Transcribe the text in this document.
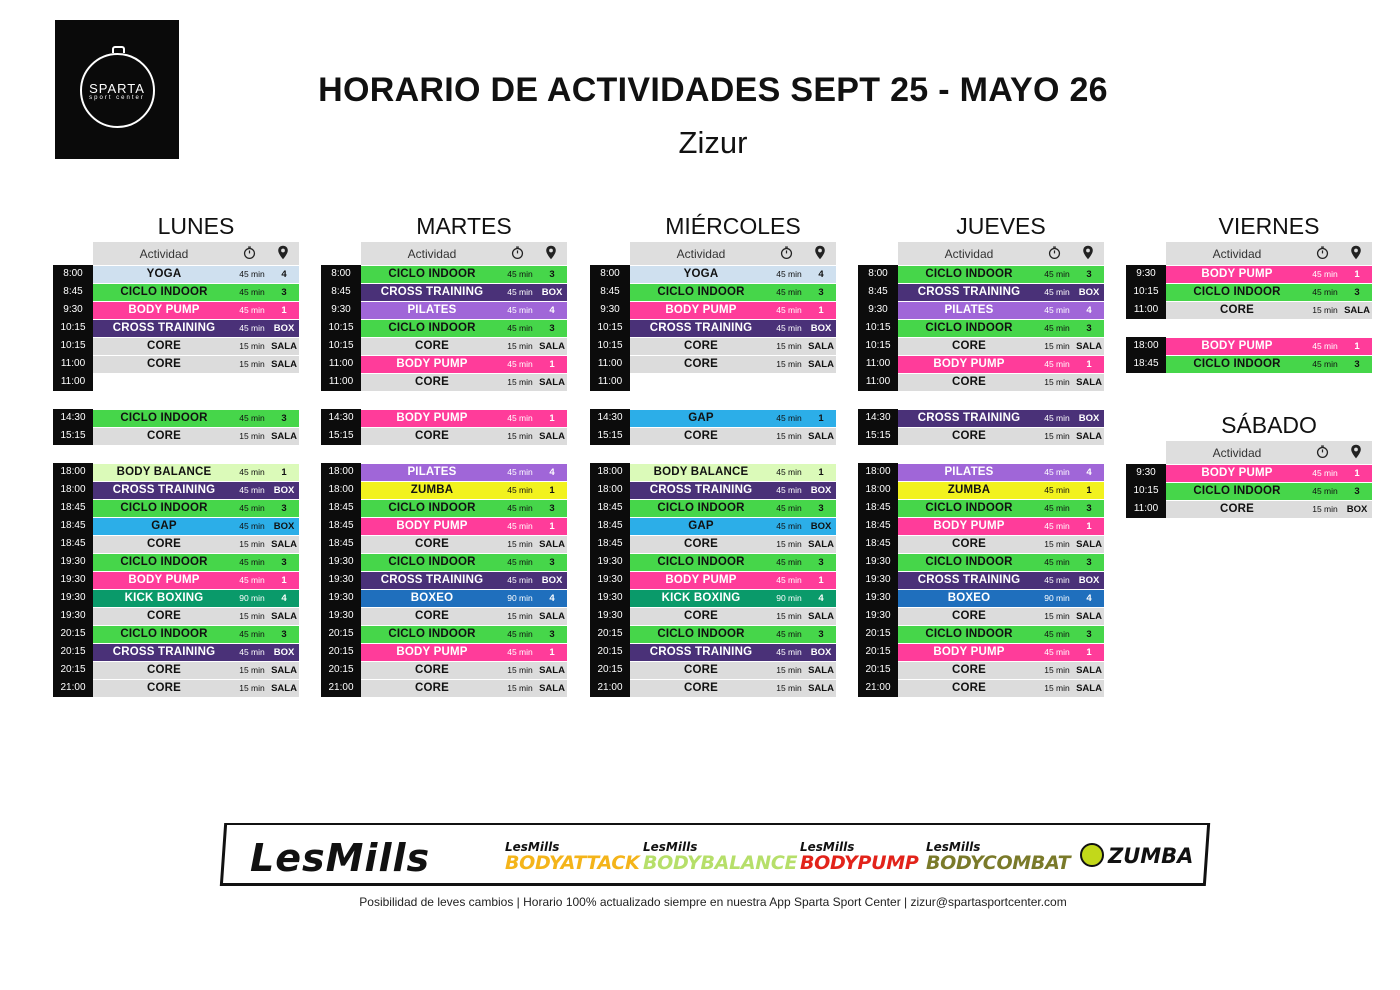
SPARTA
sport center	HORARIO DE ACTIVIDADES SEPT 25 - MAYO 26
Zizur
LUNES
Actividad
8:00	YOGA	45 min	4
8:45	CICLO INDOOR	45 min	3
9:30	BODY PUMP	45 min	1
10:15	CROSS TRAINING	45 min BOX
10:15	CORE	15 min SALA
11:00	CORE	15 min SALA
11:00
14:30	CICLO INDOOR	45 min	3
15:15	CORE	15 min SALA
18:00	BODY BALANCE	45 min	1
18:00	CROSS TRAINING	45 min BOX
18:45	CICLO INDOOR	45 min	3
18:45	GAP	45 min BOX
18:45	CORE	15 min SALA
19:30	CICLO INDOOR	45 min	3
19:30	BODY PUMP	45 min	1
19:30	KICK BOXING	90 min	4
19:30	CORE	15 min SALA
20:15	CICLO INDOOR	45 min	3
20:15	CROSS TRAINING	45 min BOX
20:15	CORE	15 min SALA
21:00	CORE	15 min SALA
MARTES
Actividad
8:00	CICLO INDOOR	45 min	3
8:45	CROSS TRAINING	45 min BOX
9:30	PILATES	45 min	4
10:15	CICLO INDOOR	45 min	3
10:15	CORE	15 min SALA
11:00	BODY PUMP	45 min	1
11:00	CORE	15 min SALA
14:30	BODY PUMP	45 min	1
15:15	CORE	15 min SALA
18:00	PILATES	45 min	4
18:00	ZUMBA	45 min	1
18:45	CICLO INDOOR	45 min	3
18:45	BODY PUMP	45 min	1
18:45	CORE	15 min SALA
19:30	CICLO INDOOR	45 min	3
19:30	CROSS TRAINING	45 min BOX
19:30	BOXEO	90 min	4
19:30	CORE	15 min SALA
20:15	CICLO INDOOR	45 min	3
20:15	BODY PUMP	45 min	1
20:15	CORE	15 min SALA
21:00	CORE	15 min SALA
MIÉRCOLES
Actividad
8:00	YOGA	45 min	4
8:45	CICLO INDOOR	45 min	3
9:30	BODY PUMP	45 min	1
10:15	CROSS TRAINING	45 min BOX
10:15	CORE	15 min SALA
11:00	CORE	15 min SALA
11:00
14:30	GAP	45 min	1
15:15	CORE	15 min SALA
18:00	BODY BALANCE	45 min	1
18:00	CROSS TRAINING	45 min BOX
18:45	CICLO INDOOR	45 min	3
18:45	GAP	45 min BOX
18:45	CORE	15 min SALA
19:30	CICLO INDOOR	45 min	3
19:30	BODY PUMP	45 min	1
19:30	KICK BOXING	90 min	4
19:30	CORE	15 min SALA
20:15	CICLO INDOOR	45 min	3
20:15	CROSS TRAINING	45 min BOX
20:15	CORE	15 min SALA
21:00	CORE	15 min SALA
JUEVES
Actividad
8:00	CICLO INDOOR	45 min	3
8:45	CROSS TRAINING	45 min BOX
9:30	PILATES	45 min	4
10:15	CICLO INDOOR	45 min	3
10:15	CORE	15 min SALA
11:00	BODY PUMP	45 min	1
11:00	CORE	15 min SALA
14:30	CROSS TRAINING	45 min BOX
15:15	CORE	15 min SALA
18:00	PILATES	45 min	4
18:00	ZUMBA	45 min	1
18:45	CICLO INDOOR	45 min	3
18:45	BODY PUMP	45 min	1
18:45	CORE	15 min SALA
19:30	CICLO INDOOR	45 min	3
19:30	CROSS TRAINING	45 min BOX
19:30	BOXEO	90 min	4
19:30	CORE	15 min SALA
20:15	CICLO INDOOR	45 min	3
20:15	BODY PUMP	45 min	1
20:15	CORE	15 min SALA
21:00	CORE	15 min SALA
VIERNES
Actividad
9:30	BODY PUMP	45 min	1
10:15	CICLO INDOOR	45 min	3
11:00	CORE	15 min SALA
18:00	BODY PUMP	45 min	1
18:45	CICLO INDOOR	45 min	3
SÁBADO
Actividad
9:30	BODY PUMP	45 min	1
10:15	CICLO INDOOR	45 min	3
11:00	CORE	15 min BOX
LesMills	LesMills
BODYATTACK
LesMills
BODYBALANCE
LesMills
BODYPUMP
LesMills
BODYCOMBAT	ZUMBA
Posibilidad de leves cambios | Horario 100% actualizado siempre en nuestra App Sparta Sport Center | zizur@spartasportcenter.com
